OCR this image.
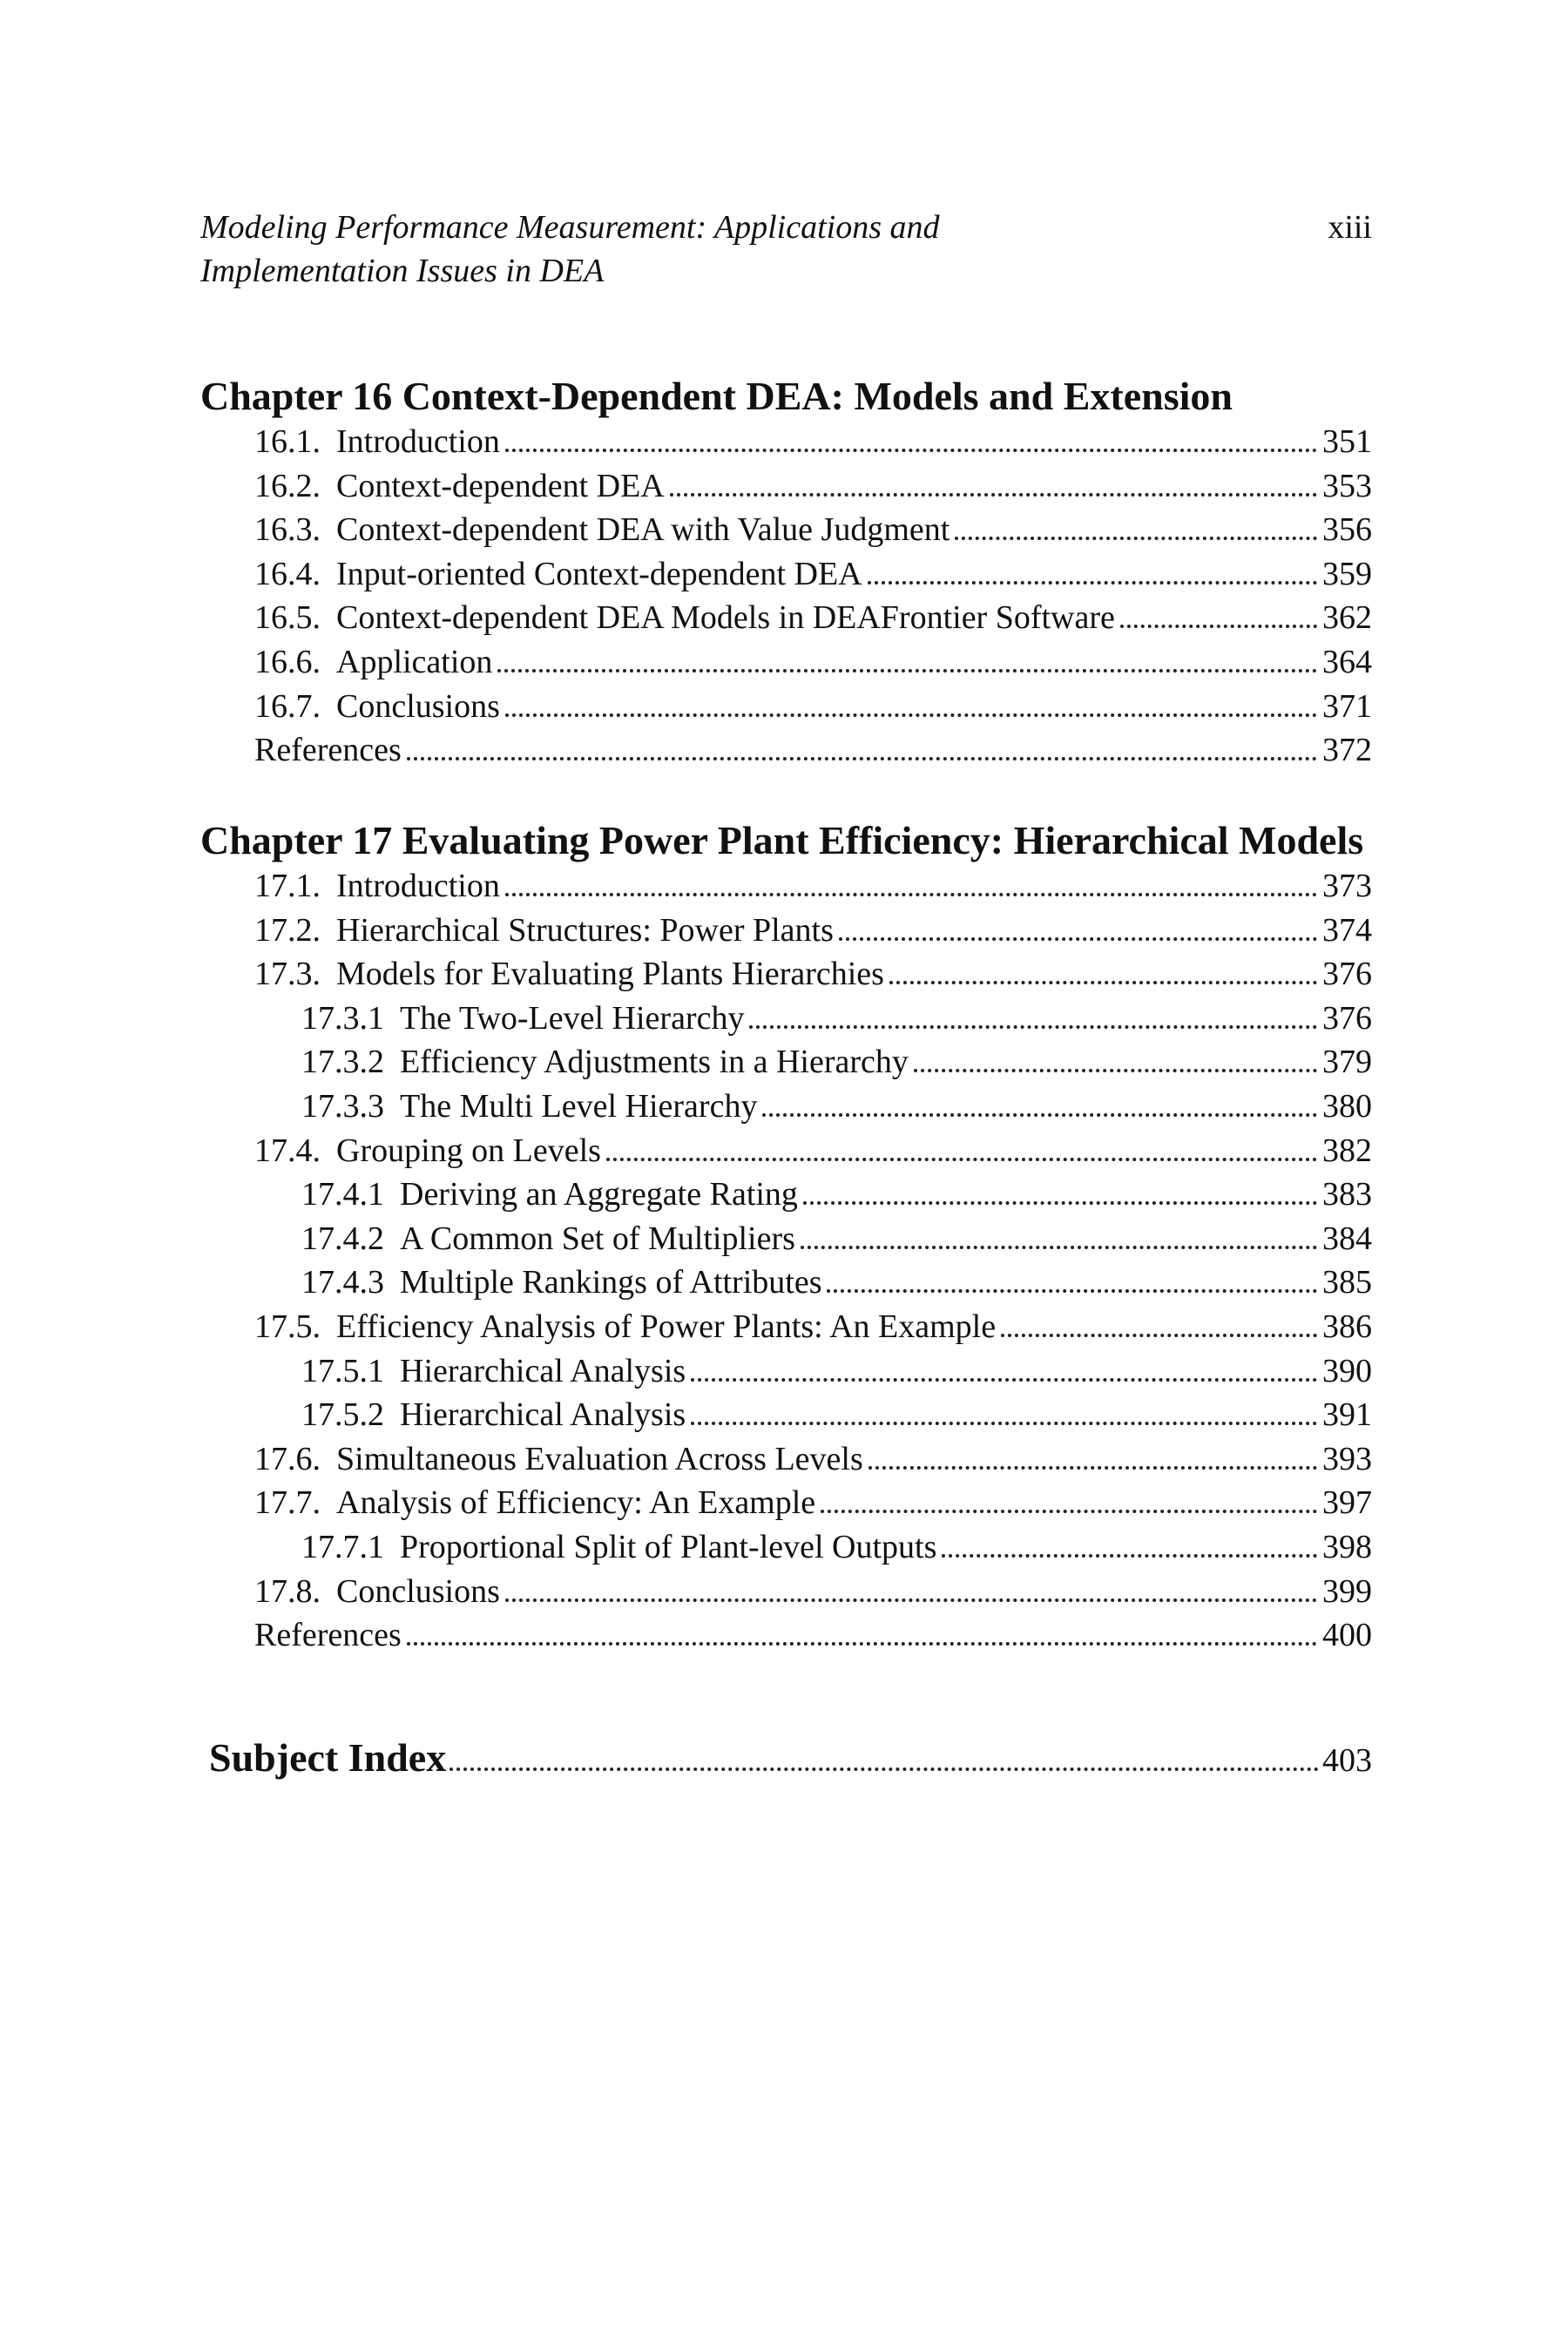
Modeling Performance Measurement: Applications and
Implementation Issues in DEA
xiii
Chapter 16 Context-Dependent DEA: Models and Extension
16.1. Introduction	351
16.2. Context-dependent DEA	353
16.3. Context-dependent DEA with Value Judgment	356
16.4. Input-oriented Context-dependent DEA	359
16.5. Context-dependent DEA Models in DEAFrontier Software	362
16.6. Application	364
16.7. Conclusions	371
References	372
Chapter 17 Evaluating Power Plant Efficiency: Hierarchical Models
17.1. Introduction	373
17.2. Hierarchical Structures: Power Plants	374
17.3. Models for Evaluating Plants Hierarchies	376
17.3.1 The Two-Level Hierarchy	376
17.3.2 Efficiency Adjustments in a Hierarchy	379
17.3.3 The Multi Level Hierarchy	380
17.4. Grouping on Levels	382
17.4.1 Deriving an Aggregate Rating	383
17.4.2 A Common Set of Multipliers	384
17.4.3 Multiple Rankings of Attributes	385
17.5. Efficiency Analysis of Power Plants: An Example	386
17.5.1 Hierarchical Analysis	390
17.5.2 Hierarchical Analysis	391
17.6. Simultaneous Evaluation Across Levels	393
17.7. Analysis of Efficiency: An Example	397
17.7.1 Proportional Split of Plant-level Outputs	398
17.8. Conclusions	399
References	400
Subject Index	403
